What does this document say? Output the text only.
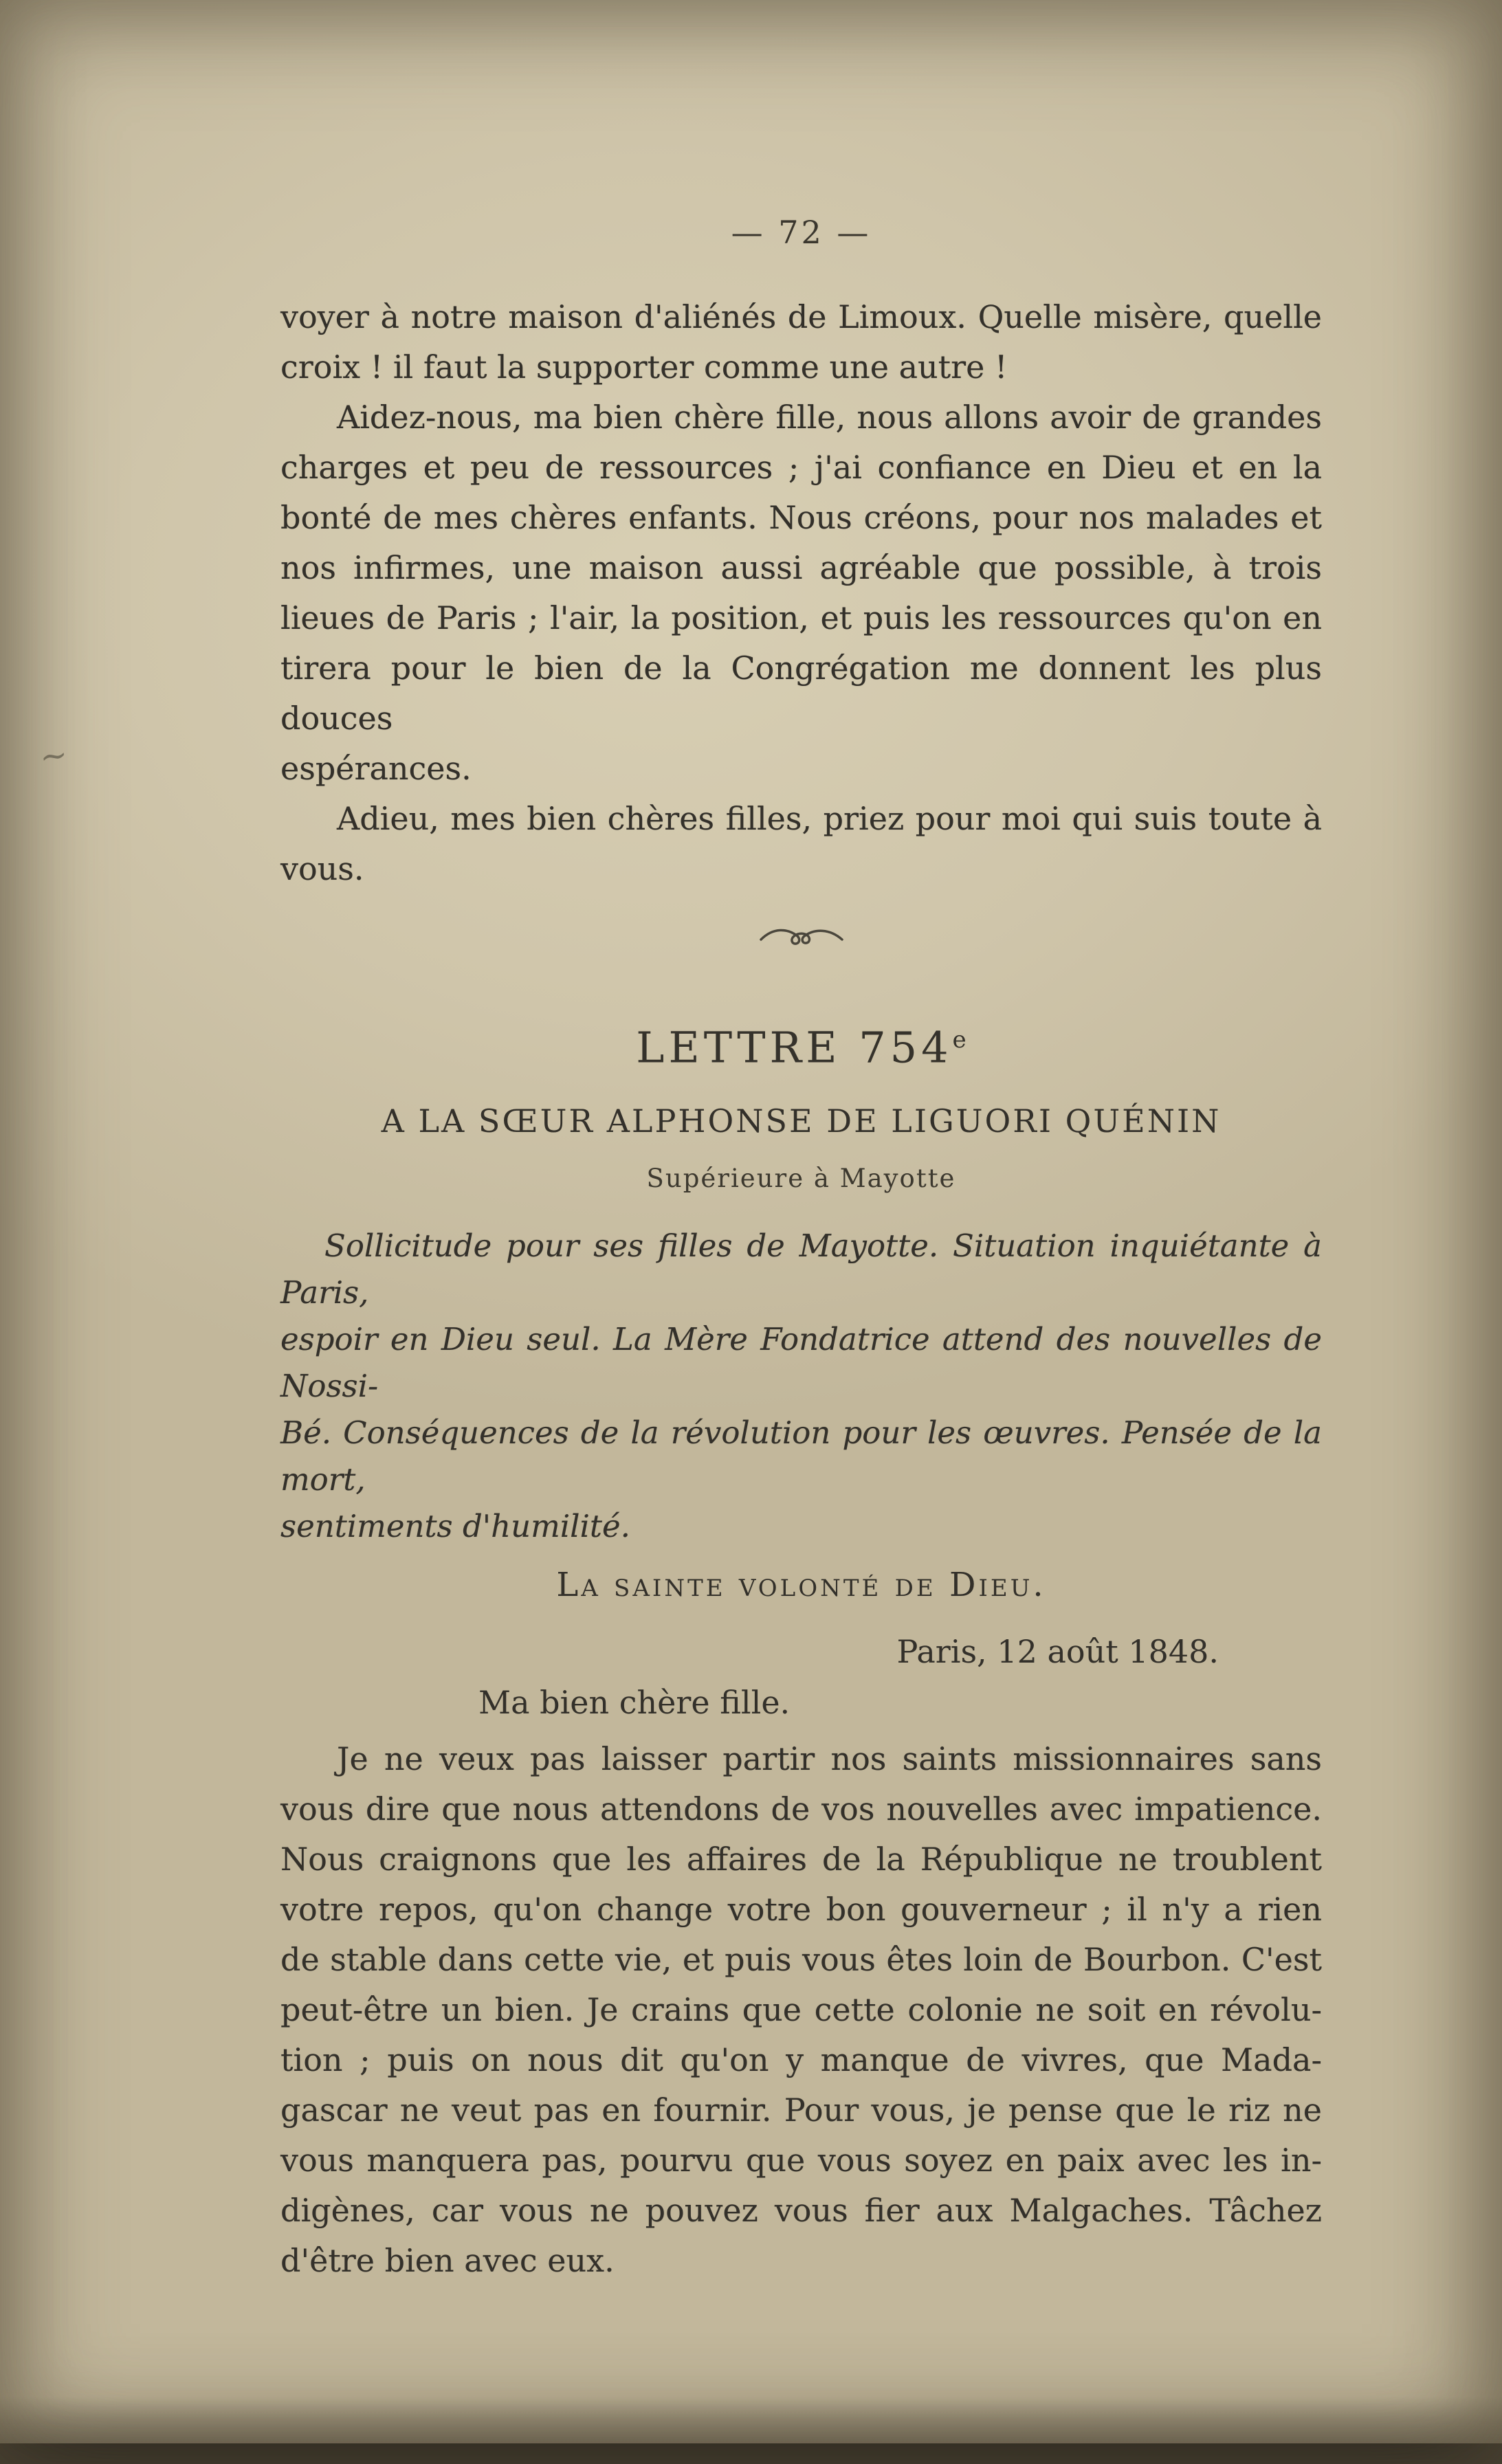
— 72 —
voyer à notre maison d'aliénés de Limoux. Quelle misère, quelle
croix ! il faut la supporter comme une autre !
Aidez-nous, ma bien chère fille, nous allons avoir de grandes
charges et peu de ressources ; j'ai confiance en Dieu et en la
bonté de mes chères enfants. Nous créons, pour nos malades et
nos infirmes, une maison aussi agréable que possible, à trois
lieues de Paris ; l'air, la position, et puis les ressources qu'on en
tirera pour le bien de la Congrégation me donnent les plus douces
espérances.
Adieu, mes bien chères filles, priez pour moi qui suis toute à
vous.
LETTRE 754e
A LA SŒUR ALPHONSE DE LIGUORI QUÉNIN
Supérieure à Mayotte
Sollicitude pour ses filles de Mayotte. Situation inquiétante à Paris,
espoir en Dieu seul. La Mère Fondatrice attend des nouvelles de Nossi-
Bé. Conséquences de la révolution pour les œuvres. Pensée de la mort,
sentiments d'humilité.
La sainte volonté de Dieu.
Paris, 12 août 1848.
Ma bien chère fille.
Je ne veux pas laisser partir nos saints missionnaires sans
vous dire que nous attendons de vos nouvelles avec impatience.
Nous craignons que les affaires de la République ne troublent
votre repos, qu'on change votre bon gouverneur ; il n'y a rien
de stable dans cette vie, et puis vous êtes loin de Bourbon. C'est
peut-être un bien. Je crains que cette colonie ne soit en révolu-
tion ; puis on nous dit qu'on y manque de vivres, que Mada-
gascar ne veut pas en fournir. Pour vous, je pense que le riz ne
vous manquera pas, pourvu que vous soyez en paix avec les in-
digènes, car vous ne pouvez vous fier aux Malgaches. Tâchez
d'être bien avec eux.
∼
